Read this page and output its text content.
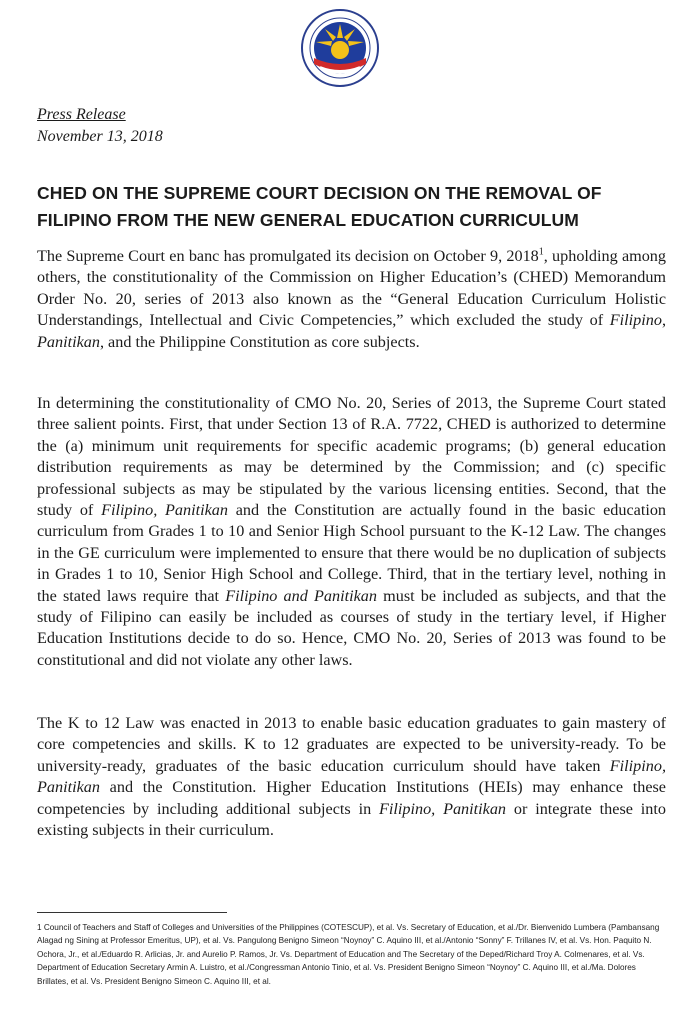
Press Release
November 13, 2018
CHED ON THE SUPREME COURT DECISION ON THE REMOVAL OF FILIPINO FROM THE NEW GENERAL EDUCATION CURRICULUM

The Supreme Court en banc has promulgated its decision on October 9, 2018$^1$, upholding among others, the constitutionality of the Commission on Higher Education’s (CHED) Memorandum Order No. 20, series of 2013 also known as the “General Education Curriculum Holistic Understandings, Intellectual and Civic Competencies,” which excluded the study of Filipino, Panitikan, and the Philippine Constitution as core subjects.

In determining the constitutionality of CMO No. 20, Series of 2013, the Supreme Court stated three salient points. First, that under Section 13 of R.A. 7722, CHED is authorized to determine the (a) minimum unit requirements for specific academic programs; (b) general education distribution requirements as may be determined by the Commission; and (c) specific professional subjects as may be stipulated by the various licensing entities. Second, that the study of Filipino, Panitikan and the Constitution are actually found in the basic education curriculum from Grades 1 to 10 and Senior High School pursuant to the K-12 Law. The changes in the GE curriculum were implemented to ensure that there would be no duplication of subjects in Grades 1 to 10, Senior High School and College. Third, that in the tertiary level, nothing in the stated laws require that Filipino and Panitikan must be included as subjects, and that the study of Filipino can easily be included as courses of study in the tertiary level, if Higher Education Institutions decide to do so. Hence, CMO No. 20, Series of 2013 was found to be constitutional and did not violate any other laws.

The K to 12 Law was enacted in 2013 to enable basic education graduates to gain mastery of core competencies and skills. K to 12 graduates are expected to be university-ready. To be university-ready, graduates of the basic education curriculum should have taken Filipino, Panitikan and the Constitution. Higher Education Institutions (HEIs) may enhance these competencies by including additional subjects in Filipino, Panitikan or integrate these into existing subjects in their curriculum.

1 Council of Teachers and Staff of Colleges and Universities of the Philippines (COTESCUP), et al. Vs. Secretary of Education, et al./Dr. Bienvenido Lumbera (Pambansang Alagad ng Sining at Professor Emeritus, UP), et al. Vs. Pangulong Benigno Simeon “Noynoy” C. Aquino III, et al./Antonio “Sonny” F. Trillanes IV, et al. Vs. Hon. Paquito N. Ochora, Jr., et al./Eduardo R. Arlicias, Jr. and Aurelio P. Ramos, Jr. Vs. Department of Education and The Secretary of the Deped/Richard Troy A. Colmenares, et al. Vs. Department of Education Secretary Armin A. Luistro, et al./Congressman Antonio Tinio, et al. Vs. President Benigno Simeon “Noynoy” C. Aquino III, et al./Ma. Dolores Brillates, et al. Vs. President Benigno Simeon C. Aquino III, et al.
